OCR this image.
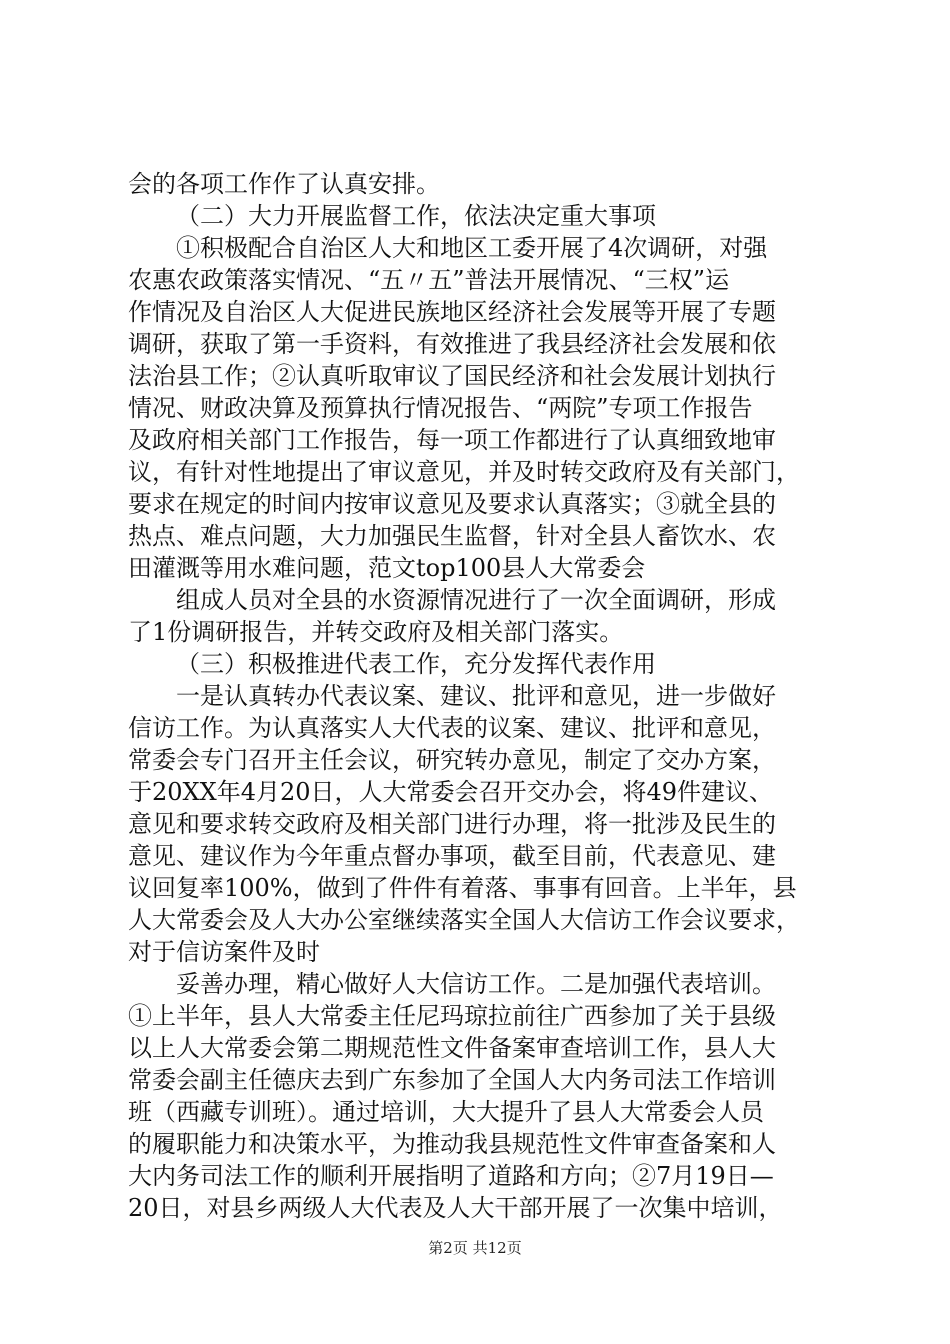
会的各项工作作了认真安排。
（二）大力开展监督工作，依法决定重大事项
①积极配合自治区人大和地区工委开展了4次调研，对强
农惠农政策落实情况、“五〃五”普法开展情况、“三权”运
作情况及自治区人大促进民族地区经济社会发展等开展了专题
调研，获取了第一手资料，有效推进了我县经济社会发展和依
法治县工作；②认真听取审议了国民经济和社会发展计划执行
情况、财政决算及预算执行情况报告、“两院”专项工作报告
及政府相关部门工作报告，每一项工作都进行了认真细致地审
议，有针对性地提出了审议意见，并及时转交政府及有关部门，
要求在规定的时间内按审议意见及要求认真落实；③就全县的
热点、难点问题，大力加强民生监督，针对全县人畜饮水、农
田灌溉等用水难问题，范文top100县人大常委会
组成人员对全县的水资源情况进行了一次全面调研，形成
了1份调研报告，并转交政府及相关部门落实。
（三）积极推进代表工作，充分发挥代表作用
一是认真转办代表议案、建议、批评和意见，进一步做好
信访工作。为认真落实人大代表的议案、建议、批评和意见，
常委会专门召开主任会议，研究转办意见，制定了交办方案，
于20XX年4月20日，人大常委会召开交办会，将49件建议、
意见和要求转交政府及相关部门进行办理，将一批涉及民生的
意见、建议作为今年重点督办事项，截至目前，代表意见、建
议回复率100%，做到了件件有着落、事事有回音。上半年，县
人大常委会及人大办公室继续落实全国人大信访工作会议要求，
对于信访案件及时
妥善办理，精心做好人大信访工作。二是加强代表培训。
①上半年，县人大常委主任尼玛琼拉前往广西参加了关于县级
以上人大常委会第二期规范性文件备案审查培训工作，县人大
常委会副主任德庆去到广东参加了全国人大内务司法工作培训
班（西藏专训班）。通过培训，大大提升了县人大常委会人员
的履职能力和决策水平，为推动我县规范性文件审查备案和人
大内务司法工作的顺利开展指明了道路和方向；②7月19日—
20日，对县乡两级人大代表及人大干部开展了一次集中培训，
第2页 共12页
